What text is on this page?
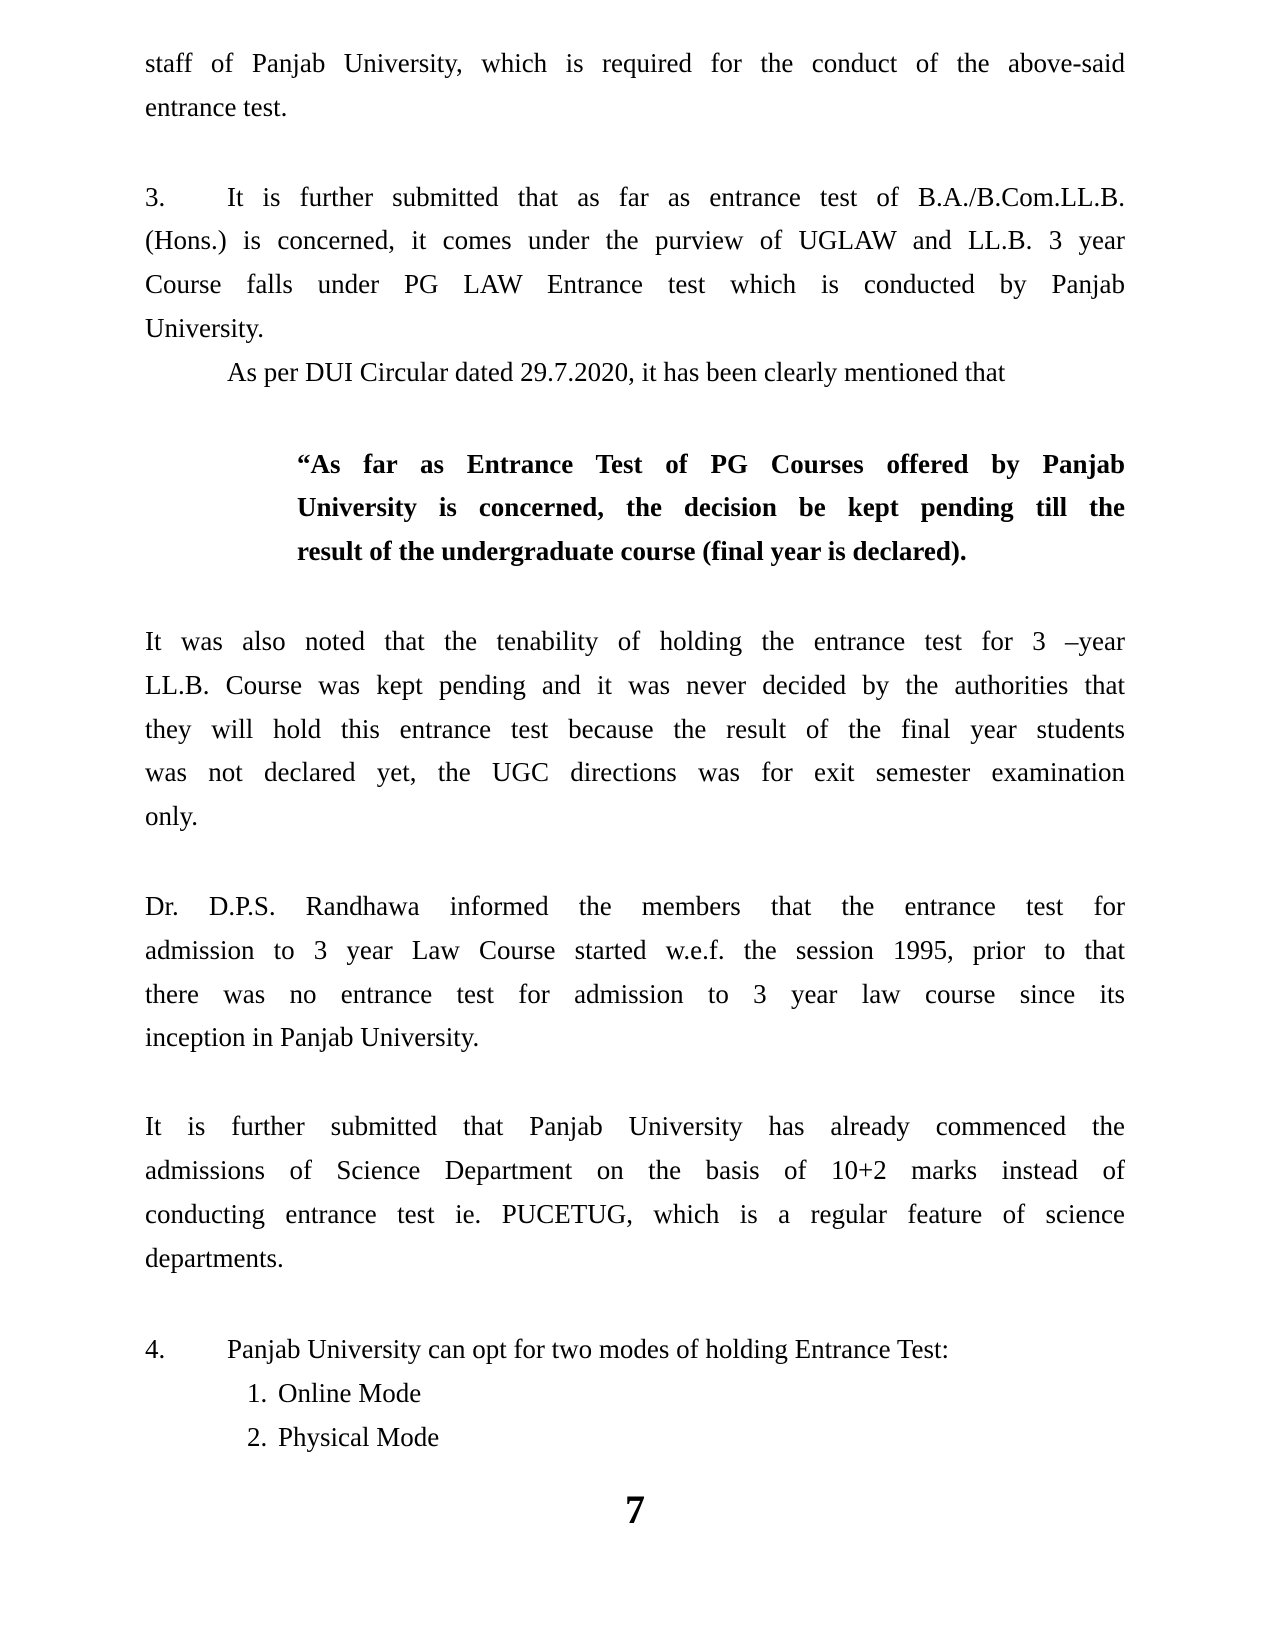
staff of Panjab University, which is required for the conduct of the above-said
entrance test.
3.	It is further submitted that as far as entrance test of B.A./B.Com.LL.B.
(Hons.) is concerned, it comes under the purview of UGLAW and LL.B. 3 year
Course falls under PG LAW Entrance test which is conducted by Panjab
University.
As per DUI Circular dated 29.7.2020, it has been clearly mentioned that
“As far as Entrance Test of PG Courses offered by Panjab
University is concerned, the decision be kept pending till the
result of the undergraduate course (final year is declared).
It was also noted that the tenability of holding the entrance test for 3 –year
LL.B. Course was kept pending and it was never decided by the authorities that
they will hold this entrance test because the result of the final year students
was not declared yet, the UGC directions was for exit semester examination
only.
Dr. D.P.S. Randhawa informed the members that the entrance test for
admission to 3 year Law Course started w.e.f. the session 1995, prior to that
there was no entrance test for admission to 3 year law course since its
inception in Panjab University.
It is further submitted that Panjab University has already commenced the
admissions of Science Department on the basis of 10+2 marks instead of
conducting entrance test ie. PUCETUG, which is a regular feature of science
departments.
4.	Panjab University can opt for two modes of holding Entrance Test:
1. Online Mode
2. Physical Mode
7
